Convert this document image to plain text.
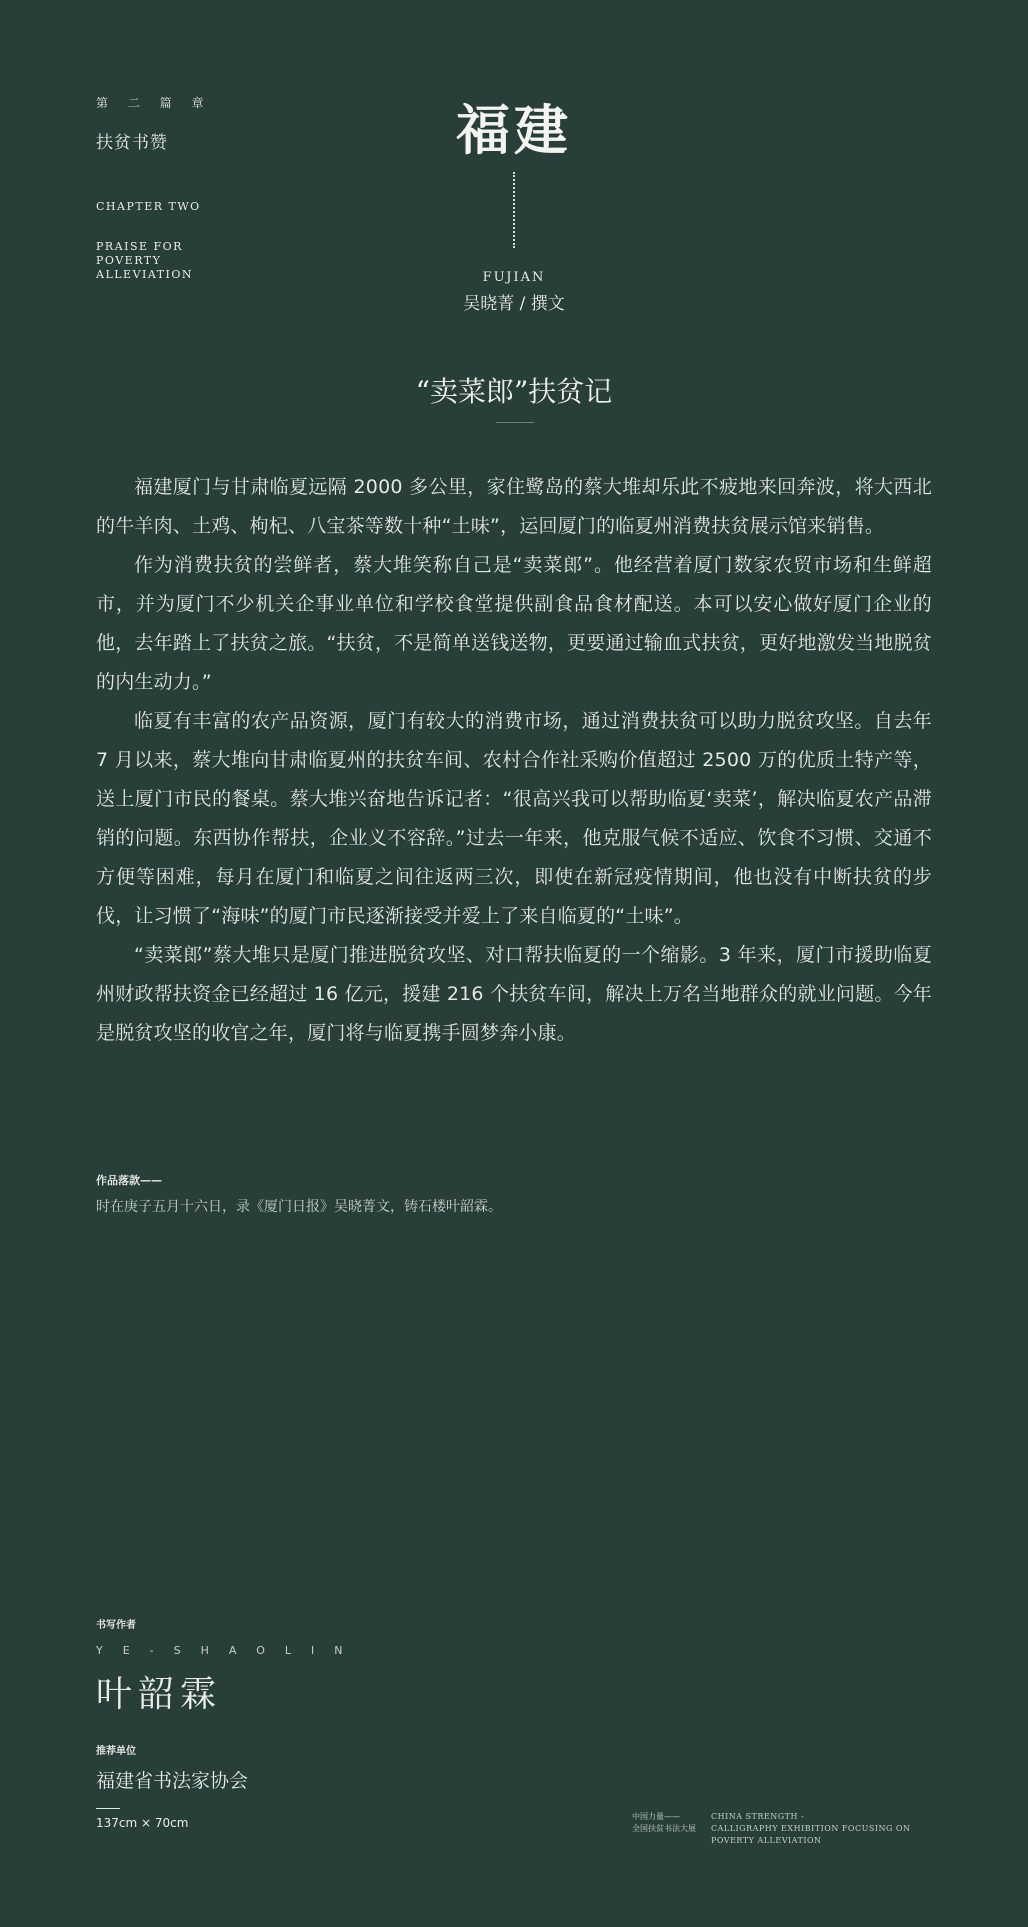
第 二 篇 章
扶贫书赞
CHAPTER TWO
PRAISE FOR POVERTY ALLEVIATION
福建
FUJIAN
吴晓菁 / 撰文
“卖菜郎”扶贫记

福建厦门与甘肃临夏远隔 2000 多公里，家住鹭岛的蔡大堆却乐此不疲地来回奔波，将大西北的牛羊肉、土鸡、枸杞、八宝茶等数十种“土味”，运回厦门的临夏州消费扶贫展示馆来销售。

作为消费扶贫的尝鲜者，蔡大堆笑称自己是“卖菜郎”。他经营着厦门数家农贸市场和生鲜超市，并为厦门不少机关企事业单位和学校食堂提供副食品食材配送。本可以安心做好厦门企业的他，去年踏上了扶贫之旅。“扶贫，不是简单送钱送物，更要通过输血式扶贫，更好地激发当地脱贫的内生动力。”

临夏有丰富的农产品资源，厦门有较大的消费市场，通过消费扶贫可以助力脱贫攻坚。自去年 7 月以来，蔡大堆向甘肃临夏州的扶贫车间、农村合作社采购价值超过 2500 万的优质土特产等，送上厦门市民的餐桌。蔡大堆兴奋地告诉记者：“很高兴我可以帮助临夏‘卖菜’，解决临夏农产品滞销的问题。东西协作帮扶，企业义不容辞。”过去一年来，他克服气候不适应、饮食不习惯、交通不方便等困难，每月在厦门和临夏之间往返两三次，即使在新冠疫情期间，他也没有中断扶贫的步伐，让习惯了“海味”的厦门市民逐渐接受并爱上了来自临夏的“土味”。

“卖菜郎”蔡大堆只是厦门推进脱贫攻坚、对口帮扶临夏的一个缩影。3 年来，厦门市援助临夏州财政帮扶资金已经超过 16 亿元，援建 216 个扶贫车间，解决上万名当地群众的就业问题。今年是脱贫攻坚的收官之年，厦门将与临夏携手圆梦奔小康。

作品落款——
时在庚子五月十六日，录《厦门日报》吴晓菁文，铸石楼叶韶霖。
书写作者
YE-SHAOLIN
叶韶霖
推荐单位
福建省书法家协会
137cm × 70cm	中国力量——
全国扶贫书法大展
CHINA STRENGTH -
CALLIGRAPHY EXHIBITION FOCUSING ON POVERTY ALLEVIATION
